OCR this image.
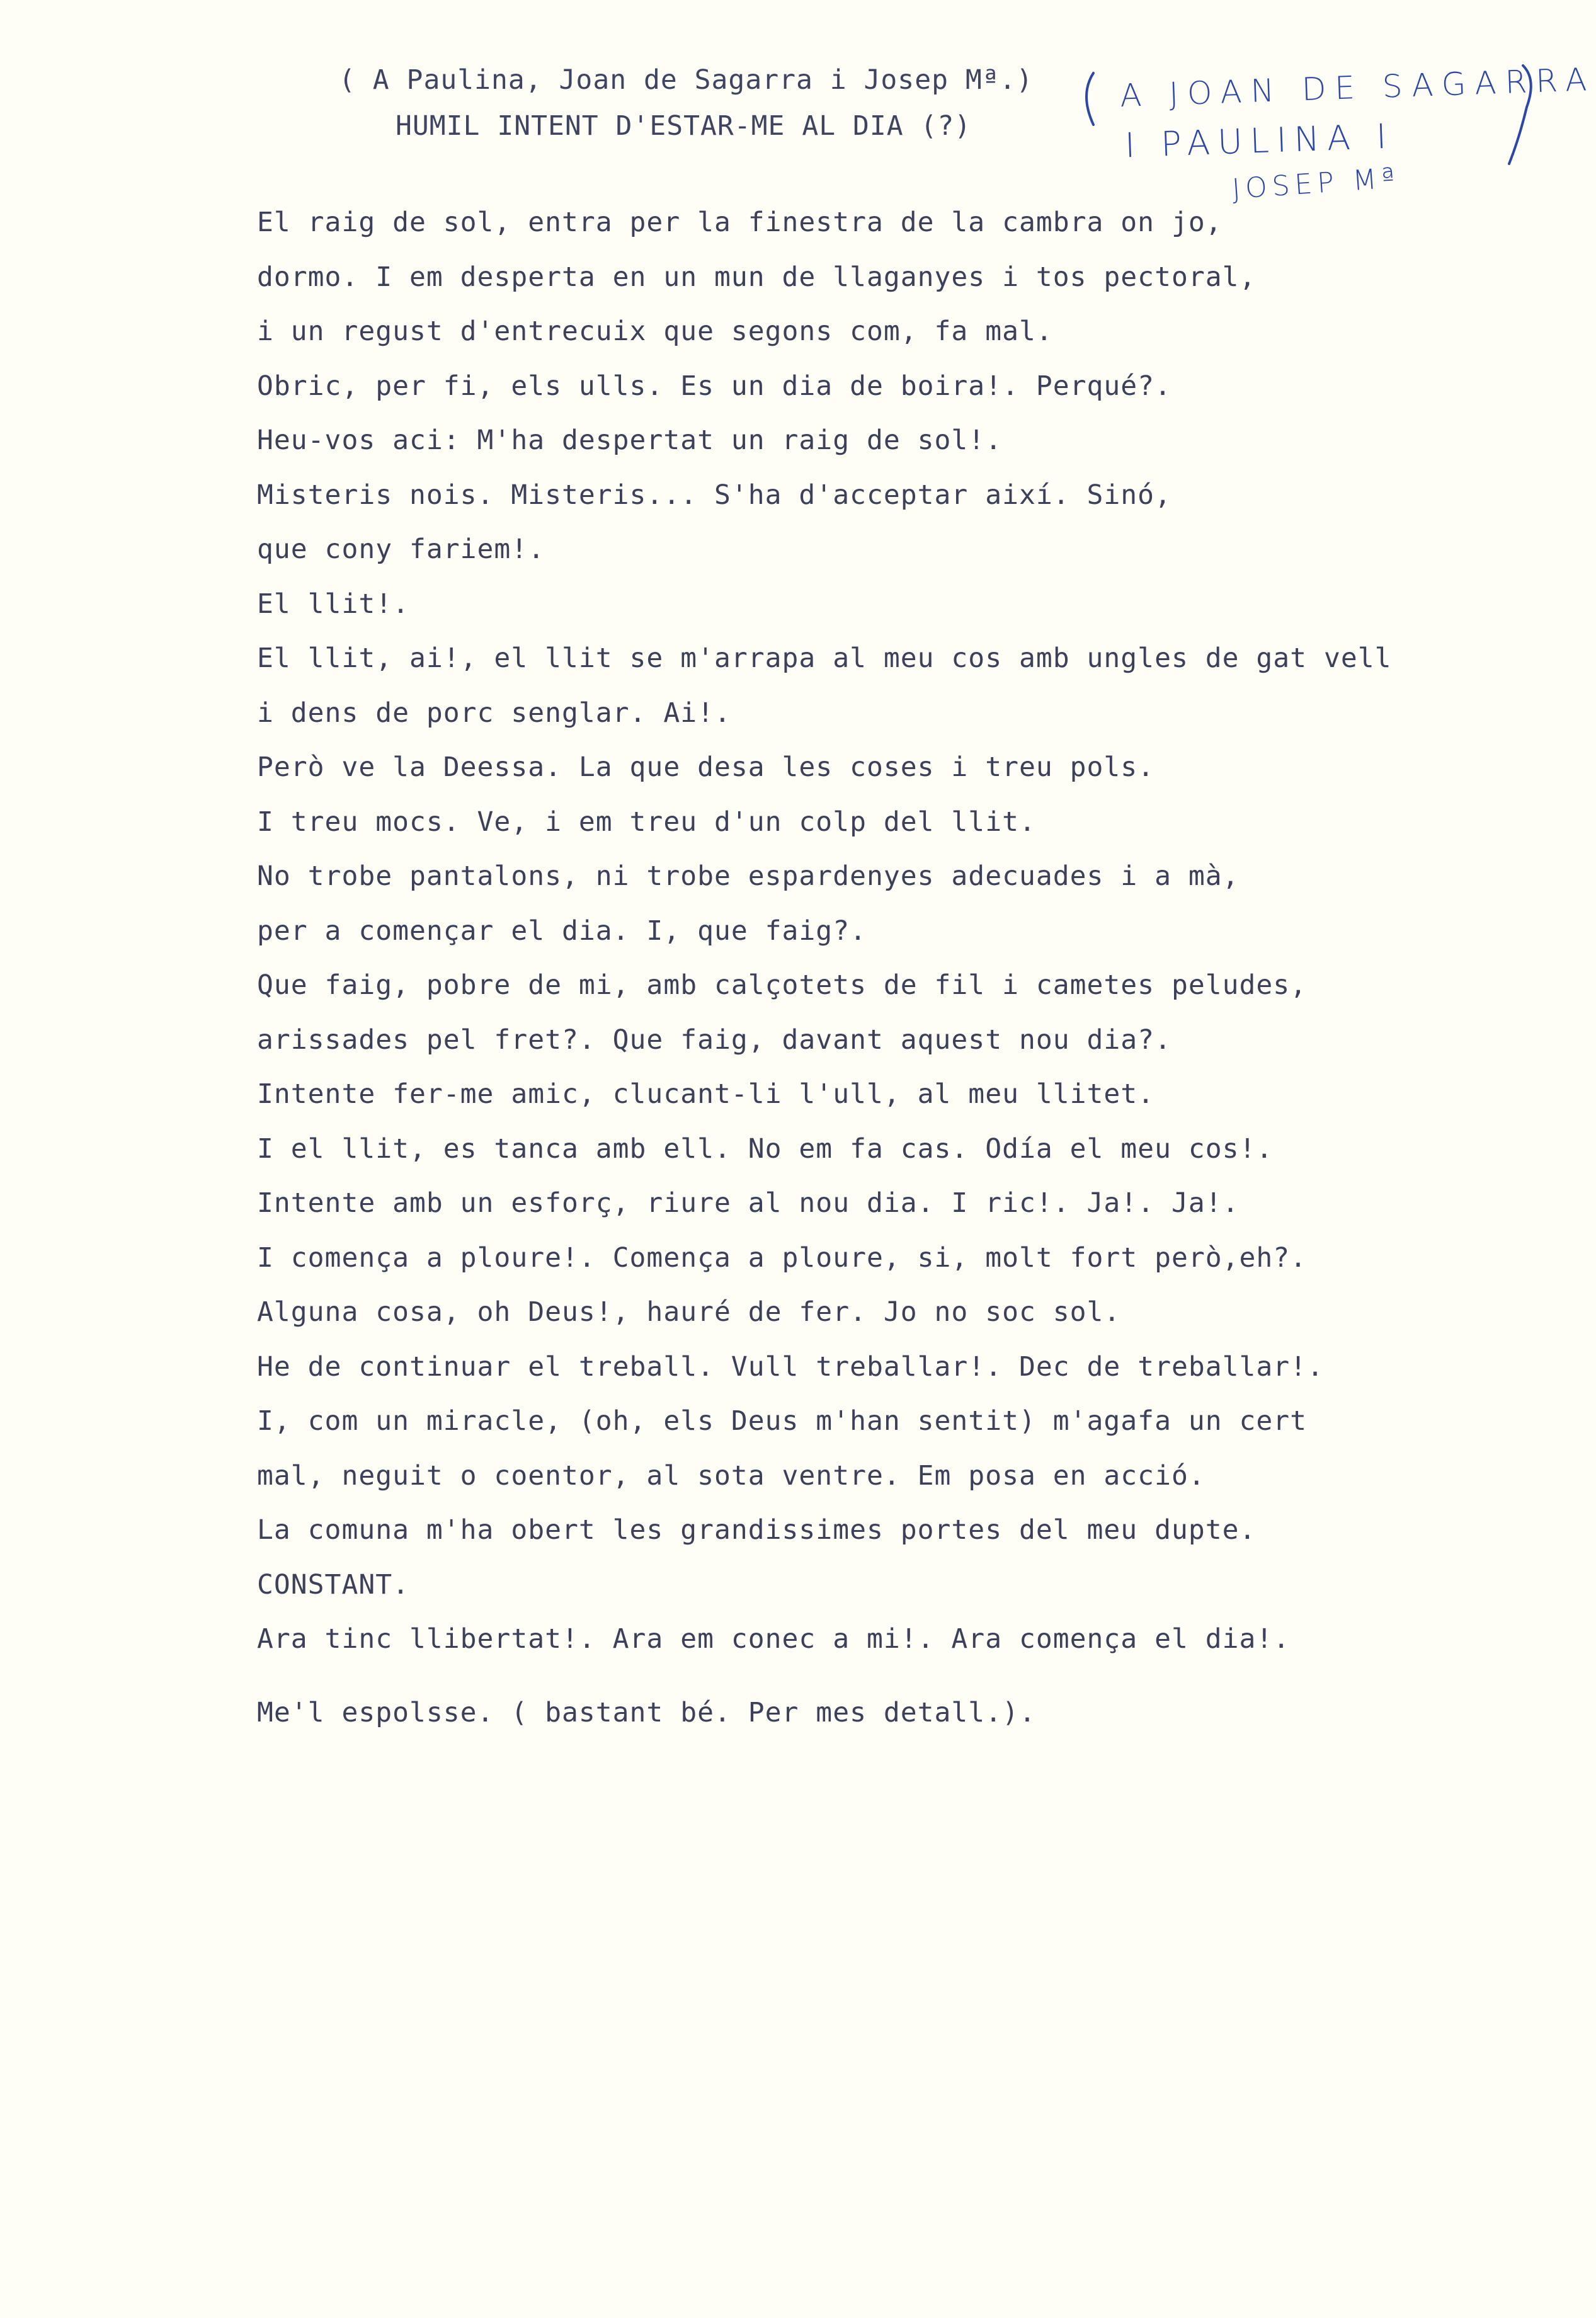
( A Paulina, Joan de Sagarra i Josep Mª.)
HUMIL INTENT D'ESTAR-ME AL DIA (?)
A JOAN DE SAGARRA
I PAULINA I
JOSEP Mª
El raig de sol, entra per la finestra de la cambra on jo,
dormo. I em desperta en un mun de llaganyes i tos pectoral,
i un regust d'entrecuix que segons com, fa mal.
Obric, per fi, els ulls. Es un dia de boira!. Perqué?.
Heu-vos aci: M'ha despertat un raig de sol!.
Misteris nois. Misteris... S'ha d'acceptar així. Sinó,
que cony fariem!.
El llit!.
El llit, ai!, el llit se m'arrapa al meu cos amb ungles de gat vell
i dens de porc senglar. Ai!.
Però ve la Deessa. La que desa les coses i treu pols.
I treu mocs. Ve, i em treu d'un colp del llit.
No trobe pantalons, ni trobe espardenyes adecuades i a mà,
per a començar el dia. I, que faig?.
Que faig, pobre de mi, amb calçotets de fil i cametes peludes,
arissades pel fret?. Que faig, davant aquest nou dia?.
Intente fer-me amic, clucant-li l'ull, al meu llitet.
I el llit, es tanca amb ell. No em fa cas. Odía el meu cos!.
Intente amb un esforç, riure al nou dia. I ric!. Ja!. Ja!.
I comença a ploure!. Comença a ploure, si, molt fort però,eh?.
Alguna cosa, oh Deus!, hauré de fer. Jo no soc sol.
He de continuar el treball. Vull treballar!. Dec de treballar!.
I, com un miracle, (oh, els Deus m'han sentit) m'agafa un cert
mal, neguit o coentor, al sota ventre. Em posa en acció.
La comuna m'ha obert les grandissimes portes del meu dupte.
CONSTANT.
Ara tinc llibertat!. Ara em conec a mi!. Ara comença el dia!.
Me'l espolsse. ( bastant bé. Per mes detall.).
